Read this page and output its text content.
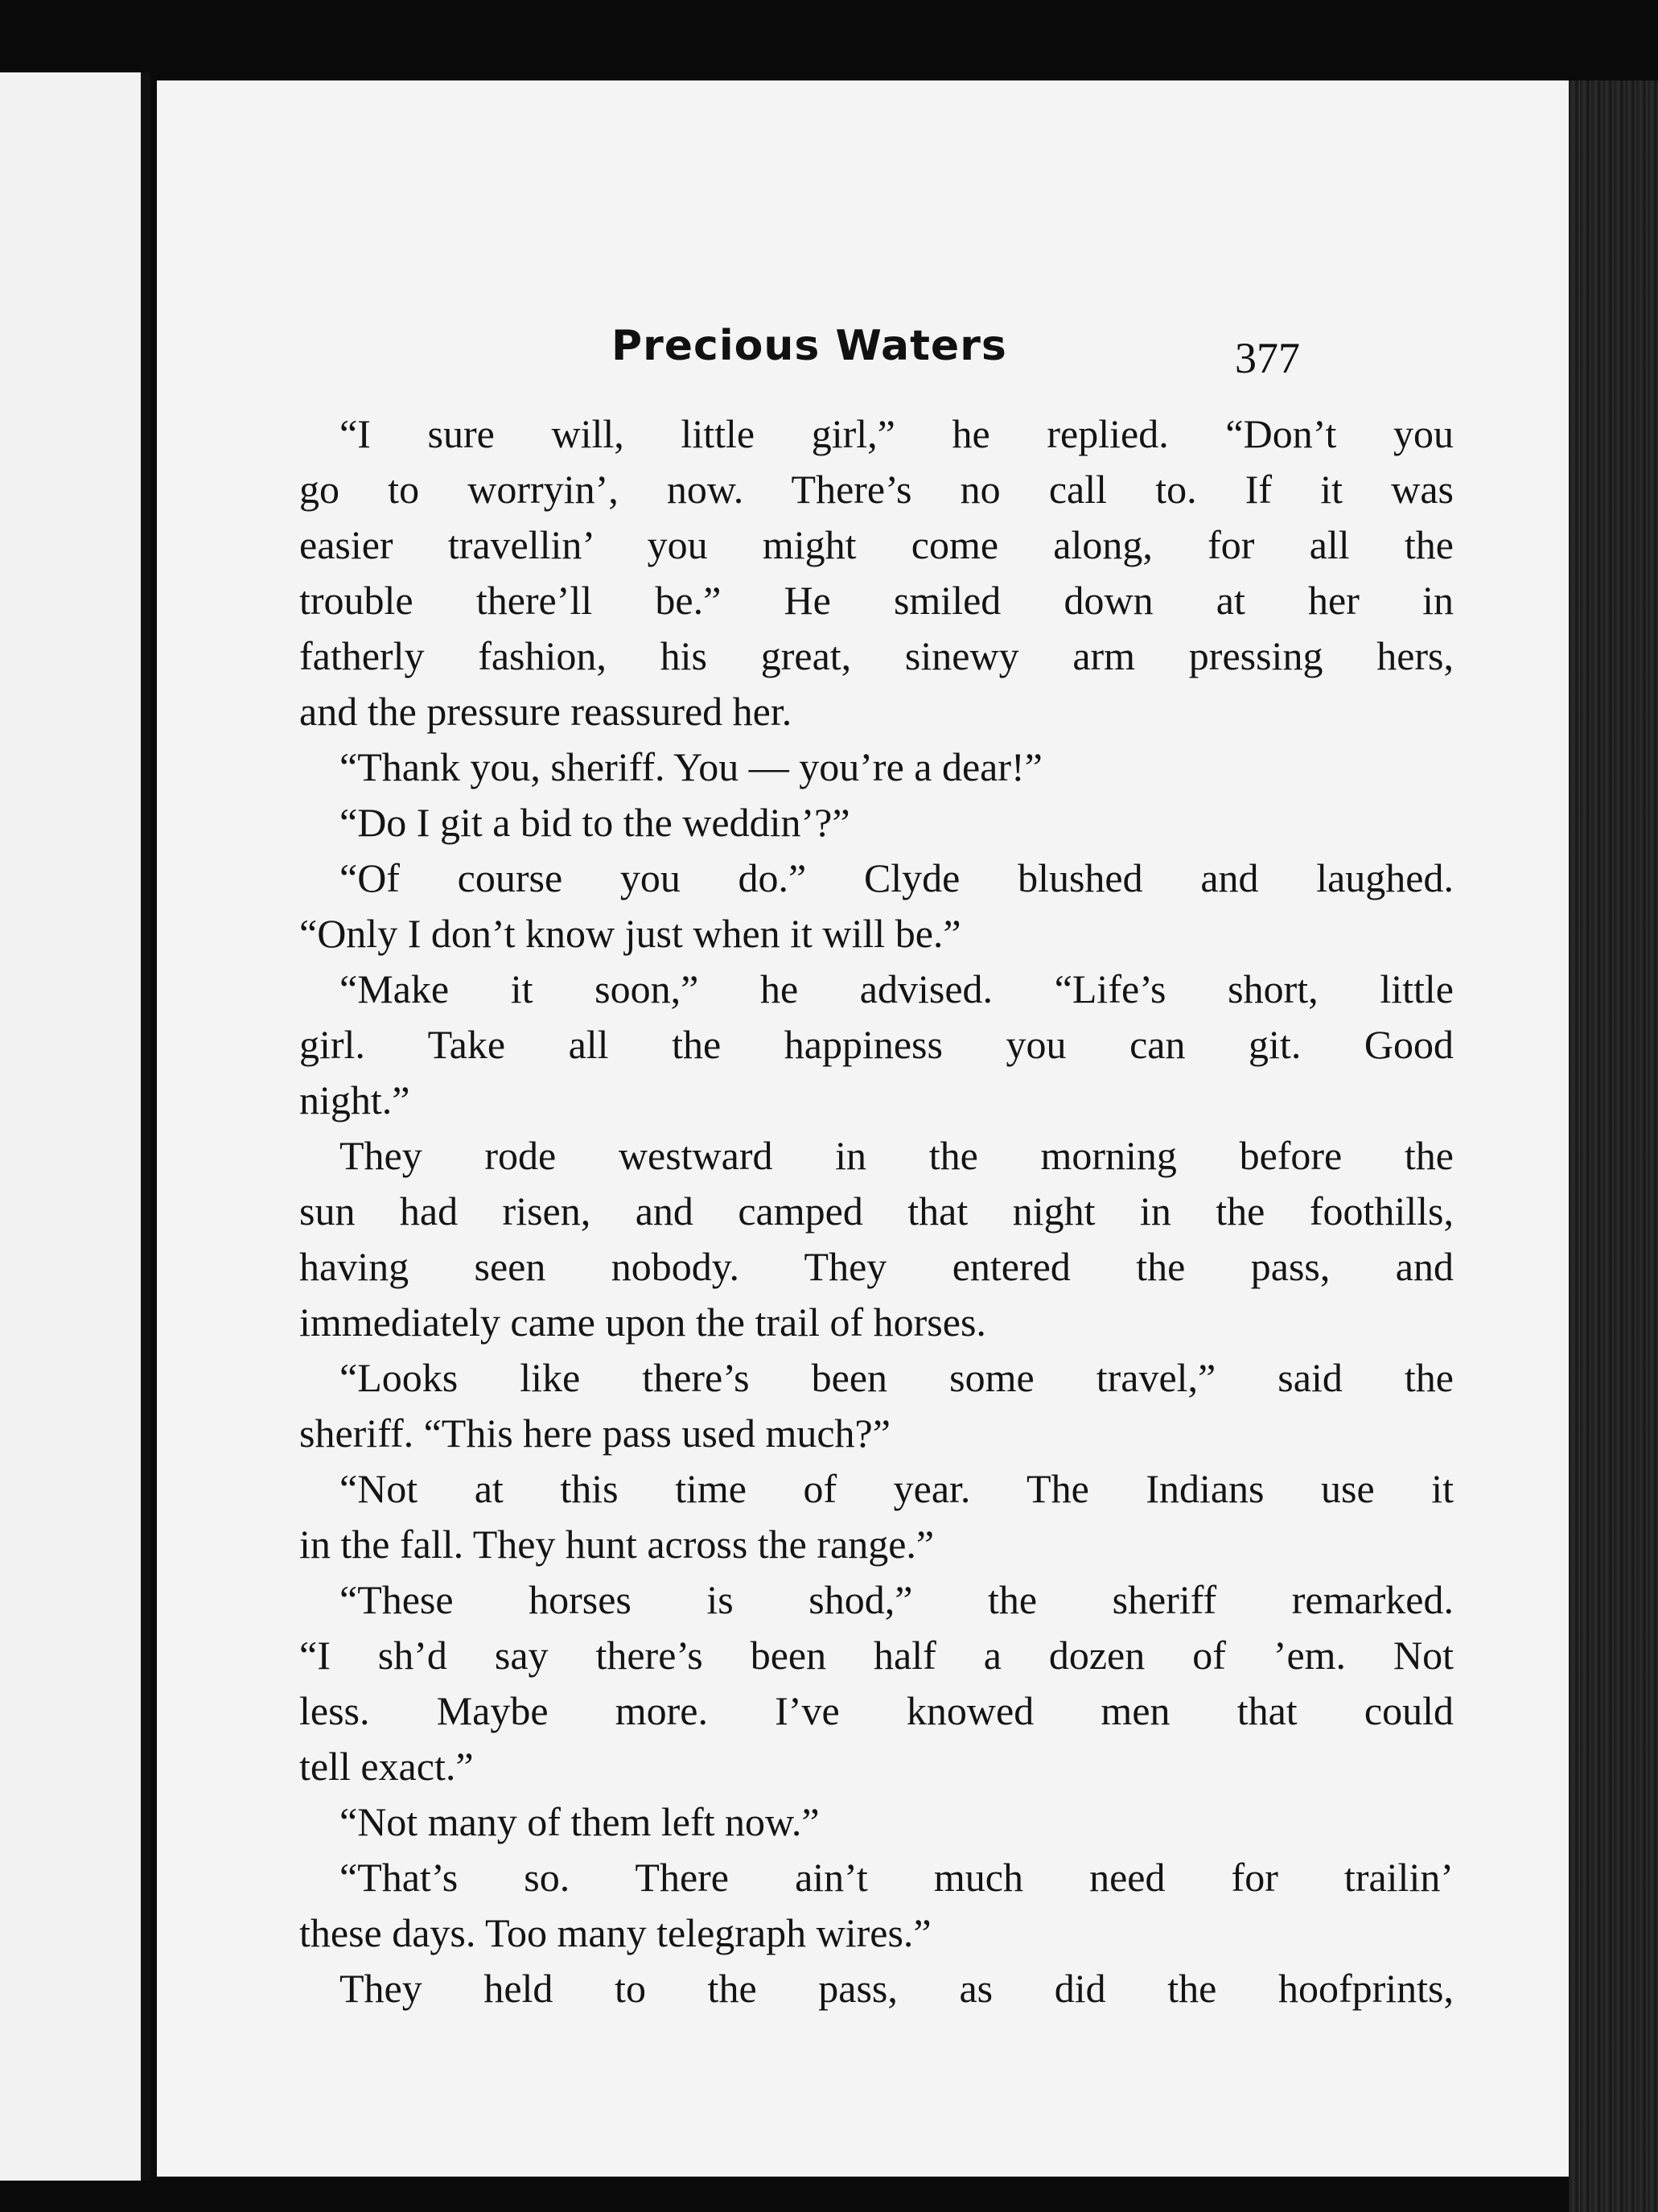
Precious Waters	377
“I sure will, little girl,” he replied. “Don’t you
go to worryin’, now. There’s no call to. If it was
easier travellin’ you might come along, for all the
trouble there’ll be.” He smiled down at her in
fatherly fashion, his great, sinewy arm pressing hers,
and the pressure reassured her.
“Thank you, sheriff. You — you’re a dear!”
“Do I git a bid to the weddin’?”
“Of course you do.” Clyde blushed and laughed.
“Only I don’t know just when it will be.”
“Make it soon,” he advised. “Life’s short, little
girl. Take all the happiness you can git. Good
night.”
They rode westward in the morning before the
sun had risen, and camped that night in the foothills,
having seen nobody. They entered the pass, and
immediately came upon the trail of horses.
“Looks like there’s been some travel,” said the
sheriff. “This here pass used much?”
“Not at this time of year. The Indians use it
in the fall. They hunt across the range.”
“These horses is shod,” the sheriff remarked.
“I sh’d say there’s been half a dozen of ’em. Not
less. Maybe more. I’ve knowed men that could
tell exact.”
“Not many of them left now.”
“That’s so. There ain’t much need for trailin’
these days. Too many telegraph wires.”
They held to the pass, as did the hoofprints,
